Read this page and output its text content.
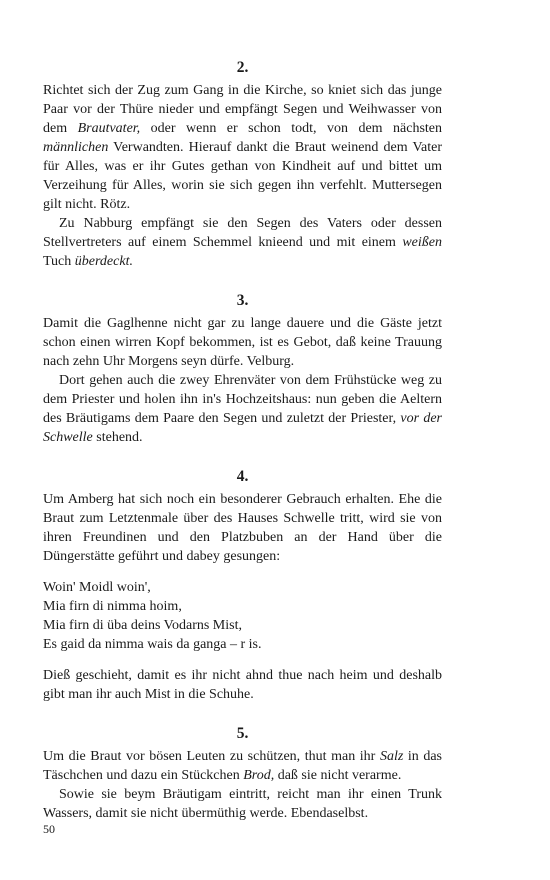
2.

Richtet sich der Zug zum Gang in die Kirche, so kniet sich das junge Paar vor der Thüre nieder und empfängt Segen und Weihwasser von dem Brautvater, oder wenn er schon todt, von dem nächsten männlichen Verwandten. Hierauf dankt die Braut weinend dem Vater für Alles, was er ihr Gutes gethan von Kindheit auf und bittet um Verzeihung für Alles, worin sie sich gegen ihn verfehlt. Muttersegen gilt nicht. Rötz.

Zu Nabburg empfängt sie den Segen des Vaters oder dessen Stellvertreters auf einem Schemmel knieend und mit einem weißen Tuch überdeckt.

3.

Damit die Gaglhenne nicht gar zu lange dauere und die Gäste jetzt schon einen wirren Kopf bekommen, ist es Gebot, daß keine Trauung nach zehn Uhr Morgens seyn dürfe. Velburg.

Dort gehen auch die zwey Ehrenväter von dem Frühstücke weg zu dem Priester und holen ihn in's Hochzeitshaus: nun geben die Aeltern des Bräutigams dem Paare den Segen und zuletzt der Priester, vor der Schwelle stehend.

4.

Um Amberg hat sich noch ein besonderer Gebrauch erhalten. Ehe die Braut zum Letztenmale über des Hauses Schwelle tritt, wird sie von ihren Freundinen und den Platzbuben an der Hand über die Düngerstätte geführt und dabey gesungen:

Woin' Moidl woin',
Mia firn di nimma hoim,
Mia firn di üba deins Vodarns Mist,
Es gaid da nimma wais da ganga – r is.

Dieß geschieht, damit es ihr nicht ahnd thue nach heim und deshalb gibt man ihr auch Mist in die Schuhe.

5.

Um die Braut vor bösen Leuten zu schützen, thut man ihr Salz in das Täschchen und dazu ein Stückchen Brod, daß sie nicht verarme.

Sowie sie beym Bräutigam eintritt, reicht man ihr einen Trunk Wassers, damit sie nicht übermüthig werde. Ebendaselbst.

50
